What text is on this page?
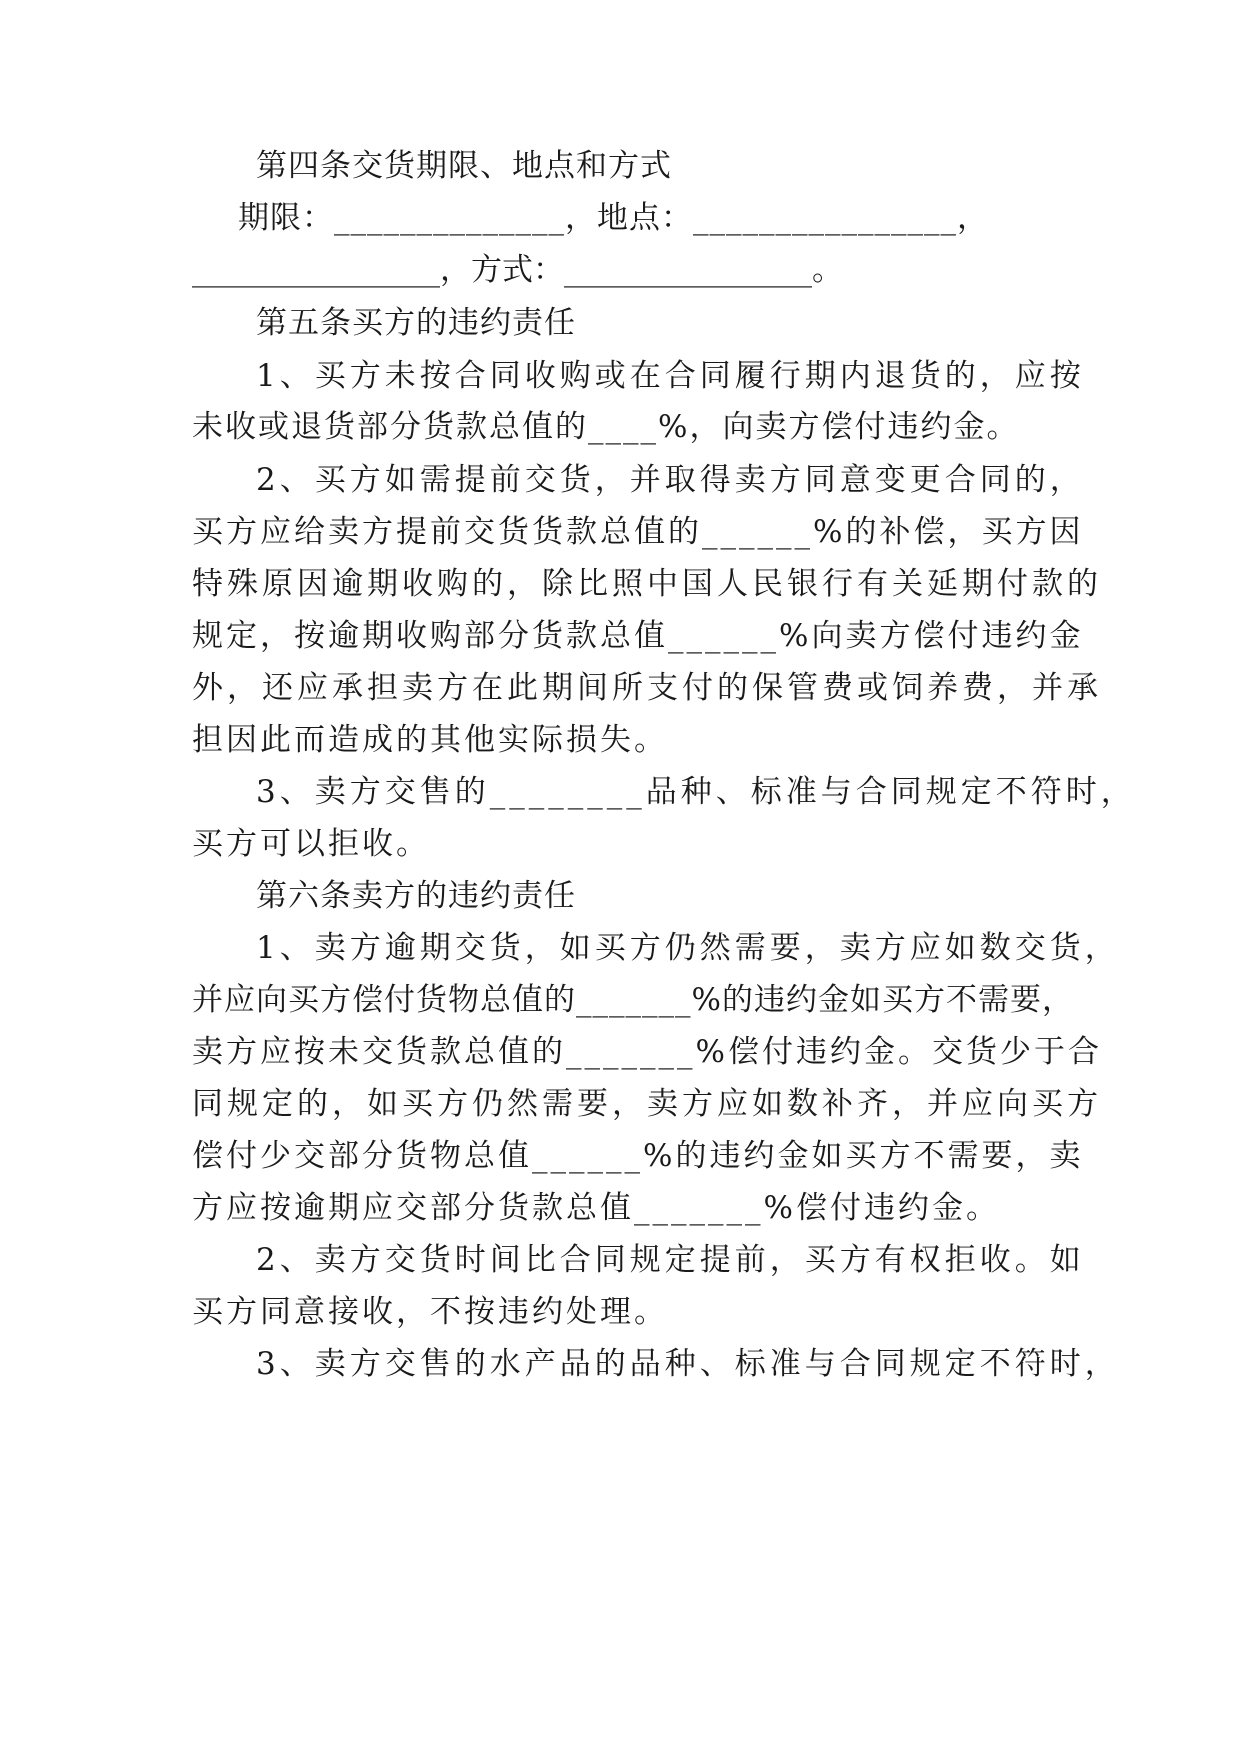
第四条交货期限、地点和方式

期限：______________，地点：________________，

________________，方式：________________。

第五条买方的违约责任

1、买方未按合同收购或在合同履行期内退货的，应按

未收或退货部分货款总值的____%，向卖方偿付违约金。

2、买方如需提前交货，并取得卖方同意变更合同的，

买方应给卖方提前交货货款总值的______%的补偿，买方因

特殊原因逾期收购的，除比照中国人民银行有关延期付款的

规定，按逾期收购部分货款总值______%向卖方偿付违约金

外，还应承担卖方在此期间所支付的保管费或饲养费，并承

担因此而造成的其他实际损失。

3、卖方交售的________品种、标准与合同规定不符时，

买方可以拒收。

第六条卖方的违约责任

1、卖方逾期交货，如买方仍然需要，卖方应如数交货，

并应向买方偿付货物总值的_______%的违约金如买方不需要，

卖方应按未交货款总值的_______%偿付违约金。交货少于合

同规定的，如买方仍然需要，卖方应如数补齐，并应向买方

偿付少交部分货物总值______%的违约金如买方不需要，卖

方应按逾期应交部分货款总值_______%偿付违约金。

2、卖方交货时间比合同规定提前，买方有权拒收。如

买方同意接收，不按违约处理。

3、卖方交售的水产品的品种、标准与合同规定不符时，
